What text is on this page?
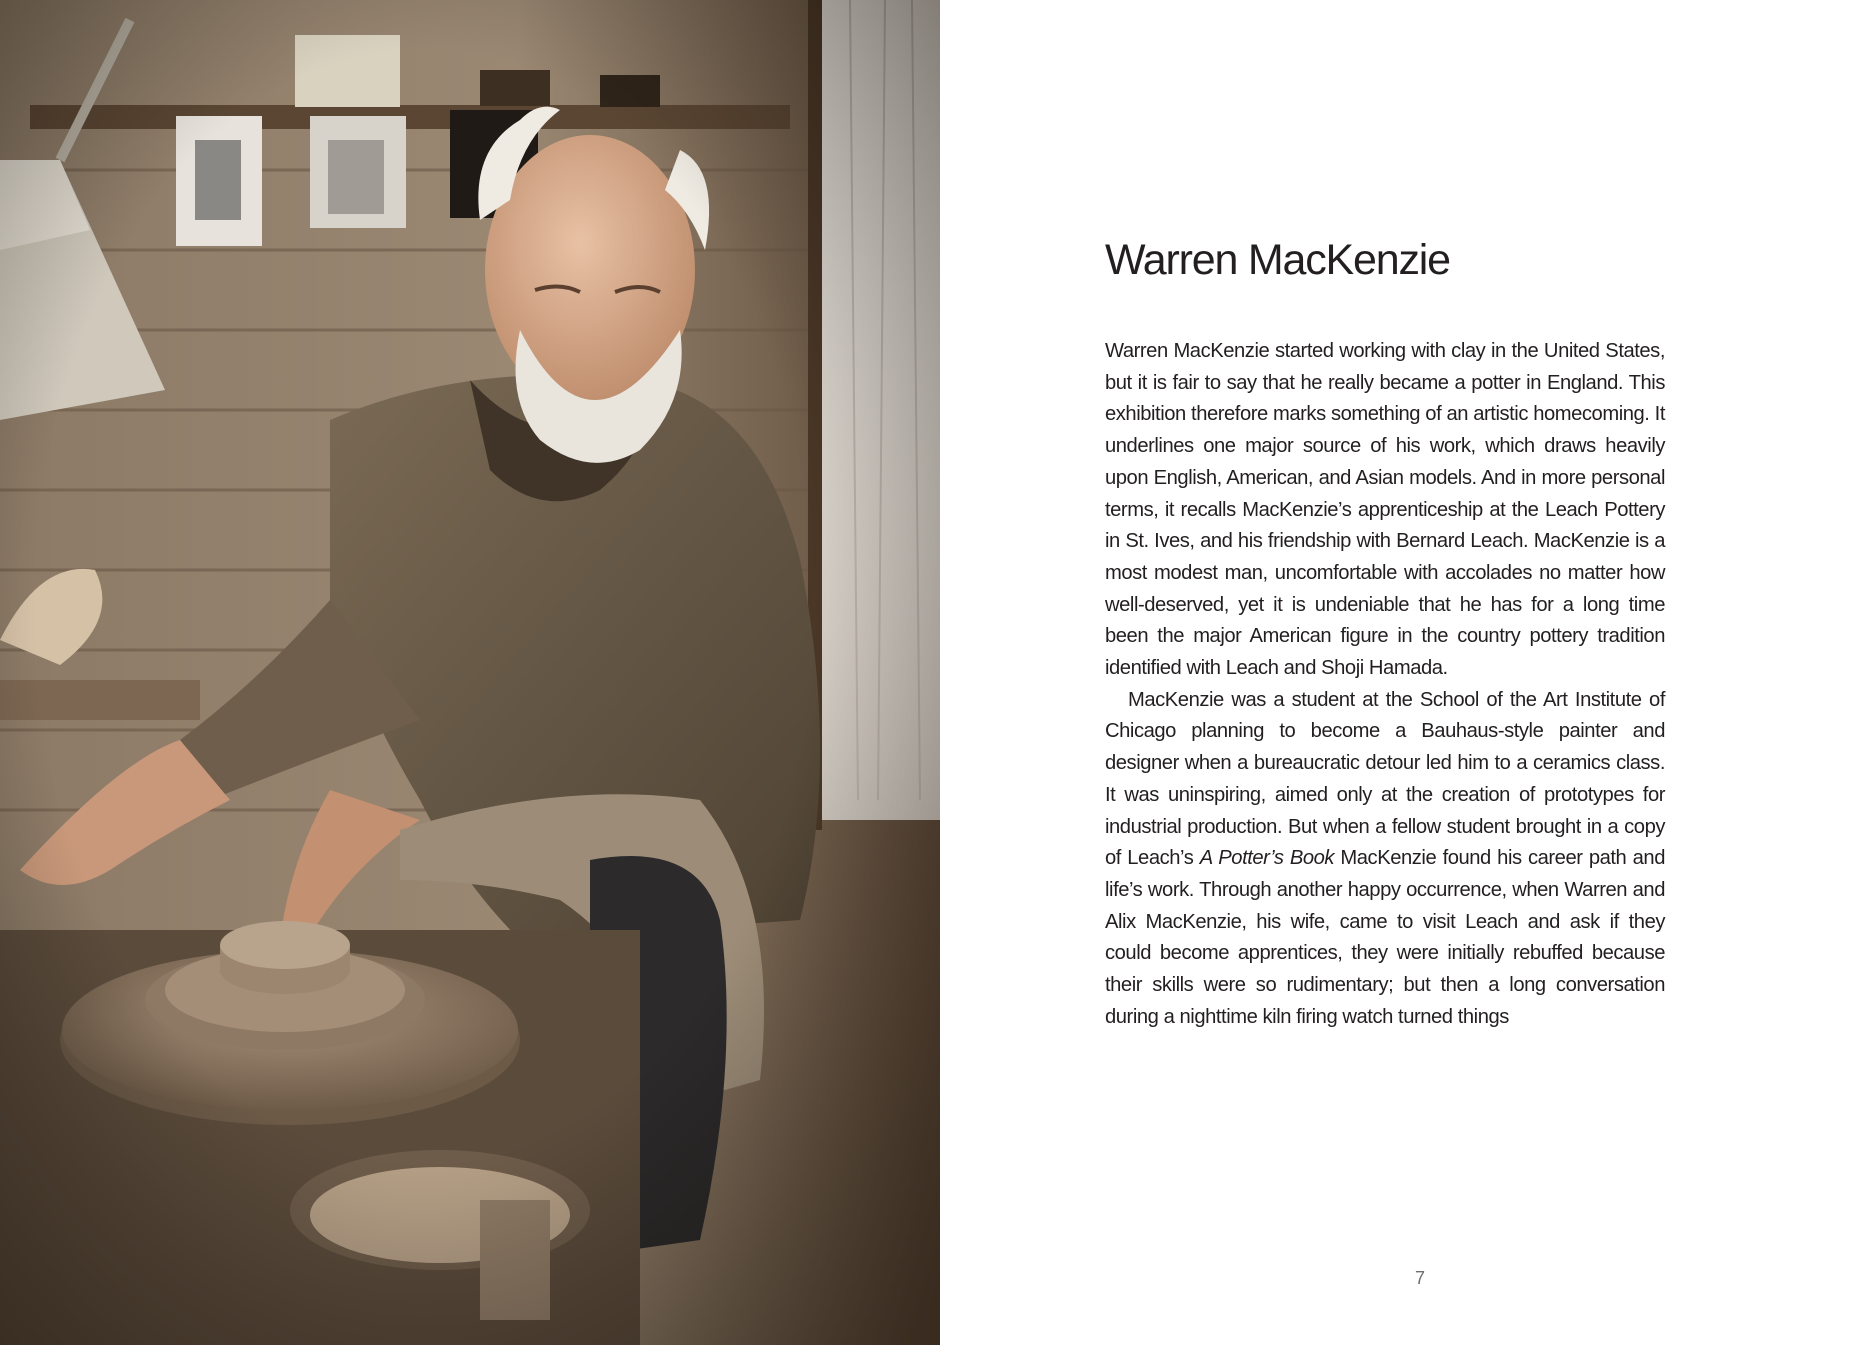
Warren MacKenzie

Warren MacKenzie started working with clay in the United States, but it is fair to say that he really became a potter in England. This exhibition therefore marks something of an artistic homecoming. It underlines one major source of his work, which draws heavily upon English, American, and Asian models. And in more personal terms, it recalls MacKenzie’s apprenticeship at the Leach Pottery in St. Ives, and his friendship with Bernard Leach. MacKenzie is a most modest man, uncomfortable with accolades no matter how well-deserved, yet it is undeniable that he has for a long time been the major American figure in the country pottery tradition identified with Leach and Shoji Hamada.

MacKenzie was a student at the School of the Art Institute of Chicago planning to become a Bauhaus-style painter and designer when a bureaucratic detour led him to a ceramics class. It was uninspiring, aimed only at the creation of prototypes for industrial production. But when a fellow student brought in a copy of Leach’s A Potter’s Book MacKenzie found his career path and life’s work. Through another happy occurrence, when Warren and Alix MacKenzie, his wife, came to visit Leach and ask if they could become apprentices, they were initially rebuffed because their skills were so rudimentary; but then a long conversation during a nighttime kiln firing watch turned things

7
